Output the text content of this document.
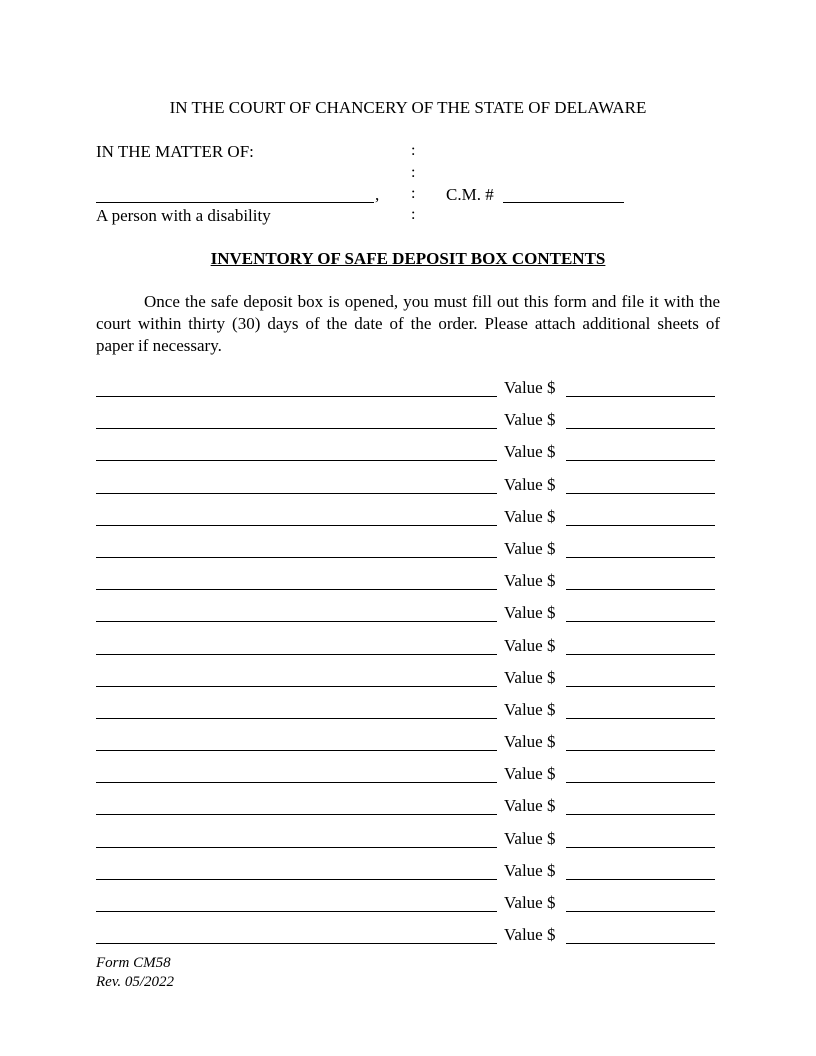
IN THE COURT OF CHANCERY OF THE STATE OF DELAWARE
IN THE MATTER OF:	:
:
:
:
,	C.M. #
A person with a disability
INVENTORY OF SAFE DEPOSIT BOX CONTENTS
Once the safe deposit box is opened, you must fill out this form and file it with the court within thirty (30) days of the date of the order. Please attach additional sheets of paper if necessary.
Value $
Value $
Value $
Value $
Value $
Value $
Value $
Value $
Value $
Value $
Value $
Value $
Value $
Value $
Value $
Value $
Value $
Value $
Form CM58
Rev. 05/2022
